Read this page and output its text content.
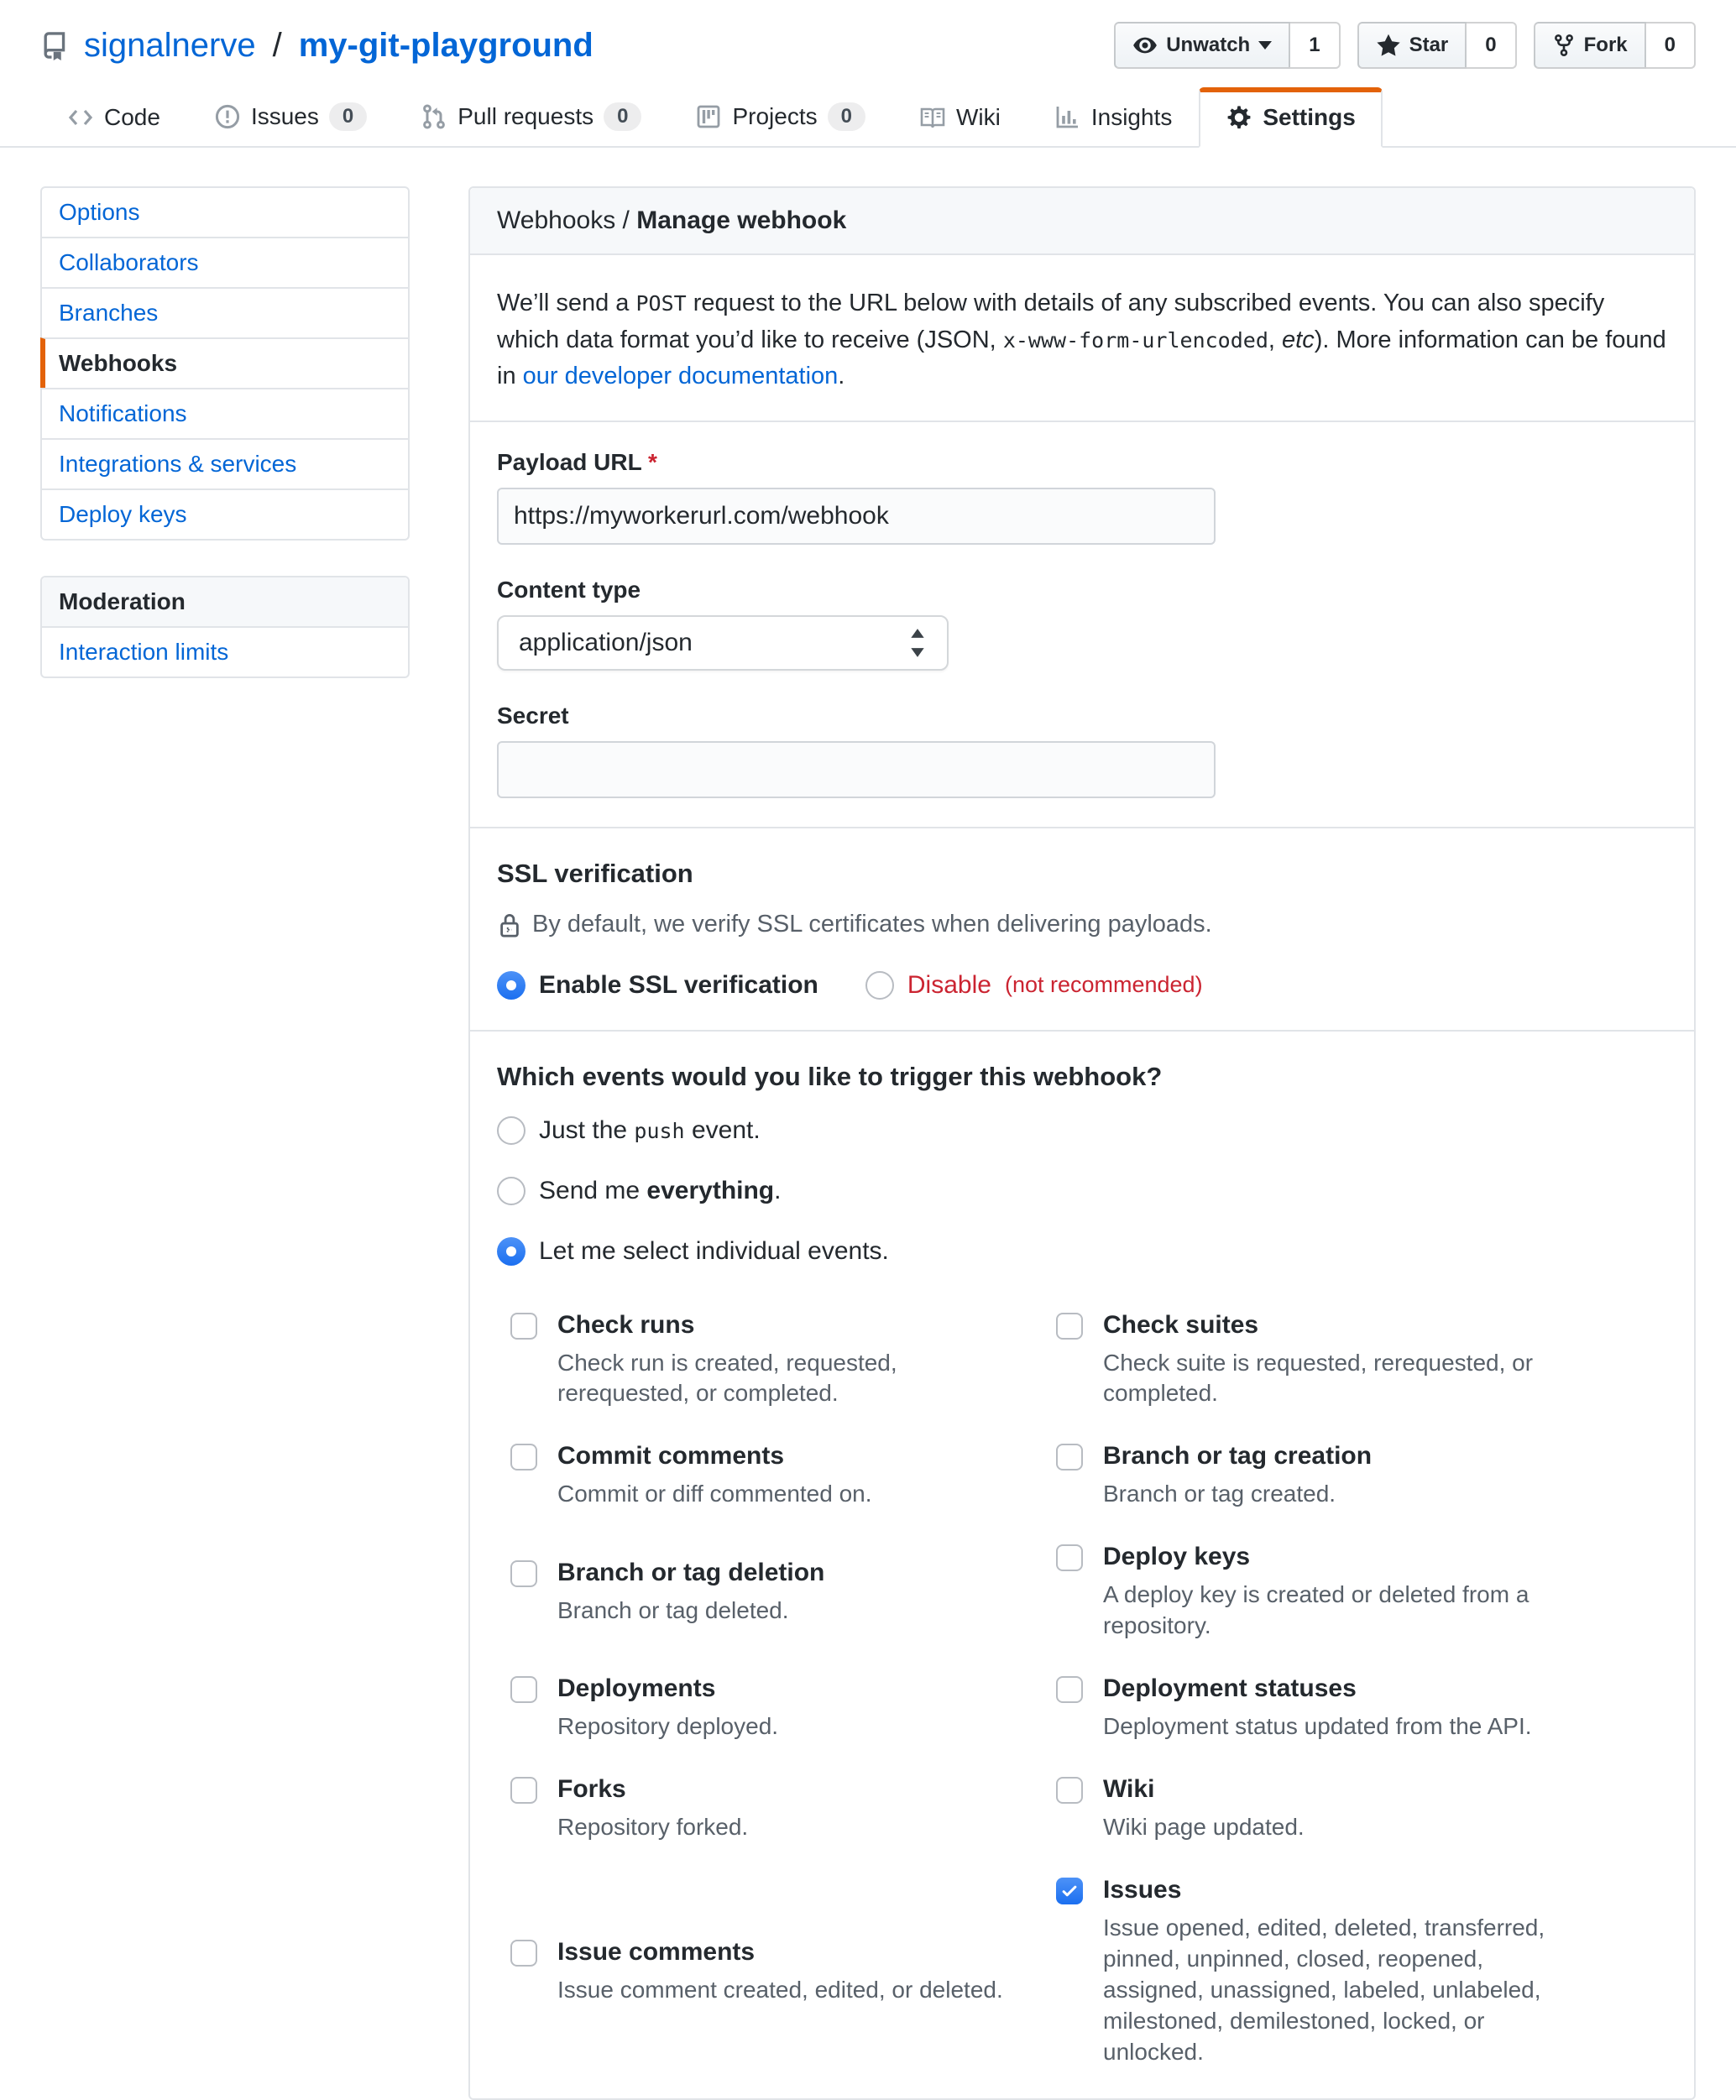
signalnerve / my-git-playground	Unwatch	1	Star	0	Fork	0
Code	Issues	0	Pull requests	0	Projects	0	Wiki	Insights	Settings
Options
Collaborators
Branches
Webhooks
Notifications
Integrations & services
Deploy keys
Moderation
Interaction limits
Webhooks / Manage webhook

We’ll send a POST request to the URL below with details of any subscribed events. You can also specify which data format you’d like to receive (JSON, x-www-form-urlencoded, etc). More information can be found in our developer documentation.

Payload URL *
https://myworkerurl.com/webhook
Content type
application/json
Secret
SSL verification

By default, we verify SSL certificates when delivering payloads.

Enable SSL verification	Disable (not recommended)
Which events would you like to trigger this webhook?
Just the push event.
Send me everything.
Let me select individual events.
Check runs
Check run is created, requested, rerequested, or completed.
Check suites
Check suite is requested, rerequested, or completed.
Commit comments
Commit or diff commented on.
Branch or tag creation
Branch or tag created.
Branch or tag deletion
Branch or tag deleted.
Deploy keys
A deploy key is created or deleted from a repository.
Deployments
Repository deployed.
Deployment statuses
Deployment status updated from the API.
Forks
Repository forked.
Wiki
Wiki page updated.
Issue comments
Issue comment created, edited, or deleted.
Issues
Issue opened, edited, deleted, transferred, pinned, unpinned, closed, reopened, assigned, unassigned, labeled, unlabeled, milestoned, demilestoned, locked, or unlocked.
